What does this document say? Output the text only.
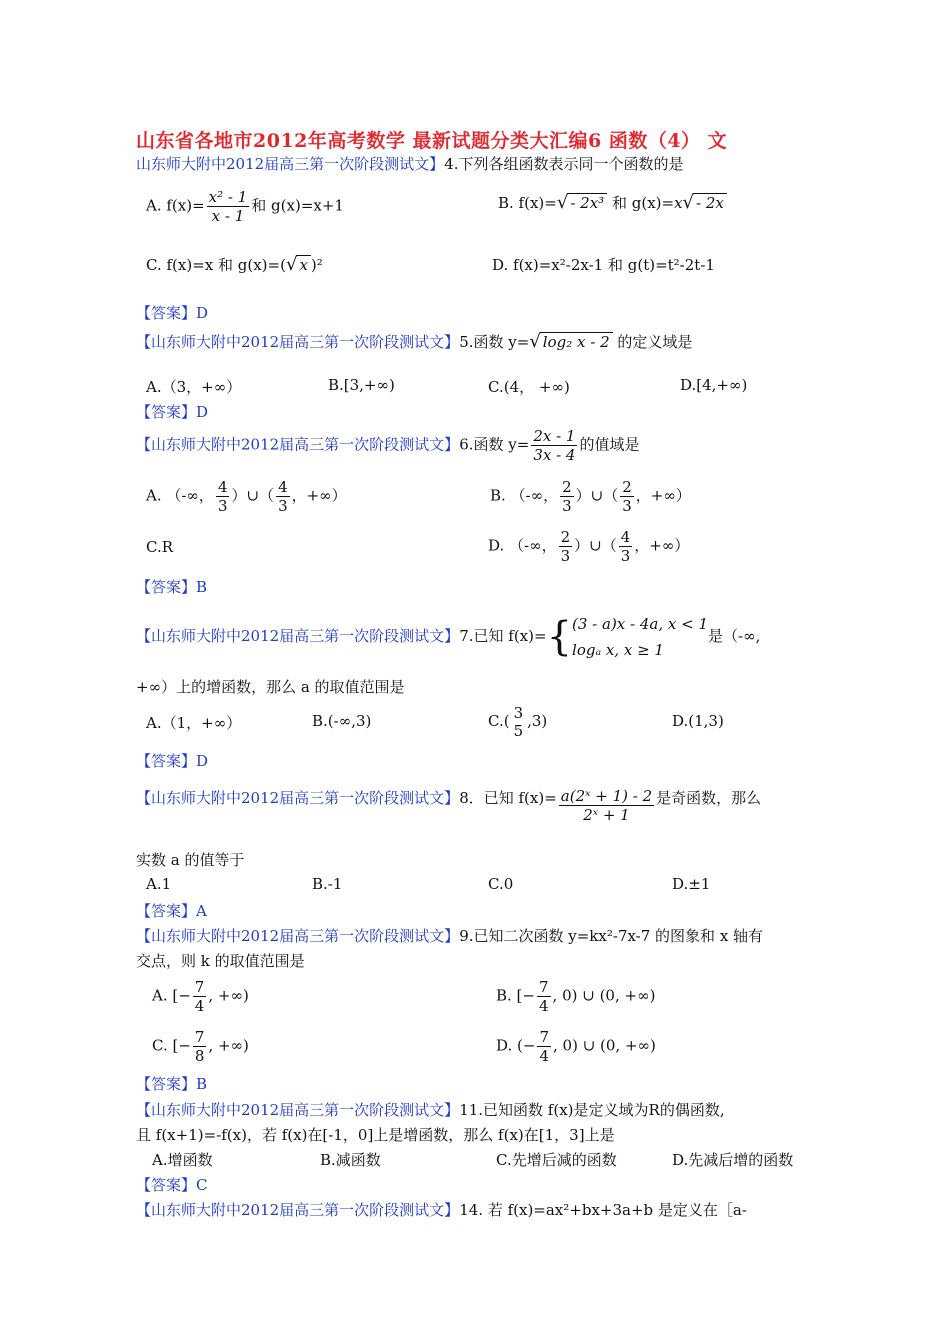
山东省各地市2012年高考数学 最新试题分类大汇编6 函数（4） 文
山东师大附中2012届高三第一次阶段测试文】4.下列各组函数表示同一个函数的是
A. $f(x)= \frac{\text{x² - 1}}{x - 1}$ 和 g(x)=x+1	B. f(x)=√ - 2x³ 和 g(x)=x√ - 2x
C. f(x)=x 和 g(x)=(√ x )²	D. f(x)=x²-2x-1 和 g(t)=t²-2t-1
【答案】D
【山东师大附中2012届高三第一次阶段测试文】5.函数 y=√ log₂ x - 2 的定义域是
A.（3，+∞）	B.[3,+∞)	C.(4， +∞)	D.[4,+∞)
【答案】D
【山东师大附中2012届高三第一次阶段测试文】6.函数 $y= \frac{2x - 1}{3x - 4}$ 的值域是
A. （-∞， $\frac{4}{3}$ ）∪（ $\frac{4}{3}$ ，+∞）	B. （-∞， $\frac{2}{3}$ ）∪（ $\frac{2}{3}$ ，+∞）
C.R	D. （-∞， $\frac{2}{3}$ ）∪（ $\frac{4}{3}$ ，+∞）
【答案】B
【山东师大附中2012届高三第一次阶段测试文】7.已知 f(x)={ (3 - a)x - 4a, x < 1
logₐ x, x ≥ 1
是（-∞,
+∞）上的增函数，那么 a 的取值范围是
A.（1，+∞）	B.(-∞,3)	C.( 3
5
,3)	D.(1,3)
【答案】D
【山东师大附中2012届高三第一次阶段测试文】8．已知 $f(x)= \frac{\text{a(2ˣ + 1) - 2}}{\text{2ˣ + 1}}$ 是奇函数，那么
实数 a 的值等于
A.1	B.-1	C.0	D.±1
【答案】A
【山东师大附中2012届高三第一次阶段测试文】9.已知二次函数 y=kx²-7x-7 的图象和 x 轴有
交点，则 k 的取值范围是
A. [− $\frac{7}{4}$ , +∞)	B. [− $\frac{7}{4}$ , 0) ∪ (0, +∞)
C. [− $\frac{7}{8}$ , +∞)	D. (− $\frac{7}{4}$ , 0) ∪ (0, +∞)
【答案】B
【山东师大附中2012届高三第一次阶段测试文】11.已知函数 f(x)是定义域为R的偶函数,
且 f(x+1)=-f(x)，若 f(x)在[-1，0]上是增函数，那么 f(x)在[1，3]上是
A.增函数	B.减函数	C.先增后减的函数	D.先减后增的函数
【答案】C
【山东师大附中2012届高三第一次阶段测试文】14. 若 f(x)=ax²+bx+3a+b 是定义在［a-
